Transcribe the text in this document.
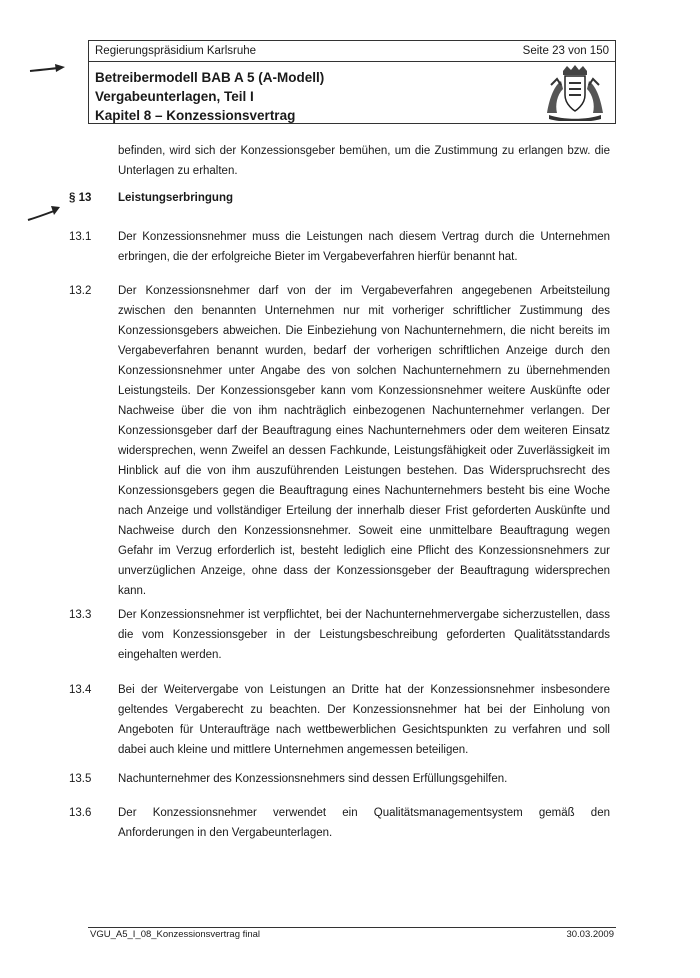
Regierungspräsidium Karlsruhe	Seite 23 von 150
Betreibermodell BAB A 5 (A-Modell)
Vergabeunterlagen, Teil I
Kapitel 8 – Konzessionsvertrag
befinden, wird sich der Konzessionsgeber bemühen, um die Zustimmung zu erlangen bzw. die Unterlagen zu erhalten.
§ 13 Leistungserbringung
13.1 Der Konzessionsnehmer muss die Leistungen nach diesem Vertrag durch die Unternehmen erbringen, die der erfolgreiche Bieter im Vergabeverfahren hierfür benannt hat.
13.2 Der Konzessionsnehmer darf von der im Vergabeverfahren angegebenen Arbeitsteilung zwischen den benannten Unternehmen nur mit vorheriger schriftlicher Zustimmung des Konzessionsgebers abweichen. Die Einbeziehung von Nachunternehmern, die nicht bereits im Vergabeverfahren benannt wurden, bedarf der vorherigen schriftlichen Anzeige durch den Konzessionsnehmer unter Angabe des von solchen Nachunternehmern zu übernehmenden Leistungsteils. Der Konzessionsgeber kann vom Konzessionsnehmer weitere Auskünfte oder Nachweise über die von ihm nachträglich einbezogenen Nachunternehmer verlangen. Der Konzessionsgeber darf der Beauftragung eines Nachunternehmers oder dem weiteren Einsatz widersprechen, wenn Zweifel an dessen Fachkunde, Leistungsfähigkeit oder Zuverlässigkeit im Hinblick auf die von ihm auszuführenden Leistungen bestehen. Das Widerspruchsrecht des Konzessionsgebers gegen die Beauftragung eines Nachunternehmers besteht bis eine Woche nach Anzeige und vollständiger Erteilung der innerhalb dieser Frist geforderten Auskünfte und Nachweise durch den Konzessionsnehmer. Soweit eine unmittelbare Beauftragung wegen Gefahr im Verzug erforderlich ist, besteht lediglich eine Pflicht des Konzessionsnehmers zur unverzüglichen Anzeige, ohne dass der Konzessionsgeber der Beauftragung widersprechen kann.
13.3 Der Konzessionsnehmer ist verpflichtet, bei der Nachunternehmervergabe sicherzustellen, dass die vom Konzessionsgeber in der Leistungsbeschreibung geforderten Qualitätsstandards eingehalten werden.
13.4 Bei der Weitervergabe von Leistungen an Dritte hat der Konzessionsnehmer insbesondere geltendes Vergaberecht zu beachten. Der Konzessionsnehmer hat bei der Einholung von Angeboten für Unteraufträge nach wettbewerblichen Gesichtspunkten zu verfahren und soll dabei auch kleine und mittlere Unternehmen angemessen beteiligen.
13.5 Nachunternehmer des Konzessionsnehmers sind dessen Erfüllungsgehilfen.
13.6 Der Konzessionsnehmer verwendet ein Qualitätsmanagementsystem gemäß den Anforderungen in den Vergabeunterlagen.
VGU_A5_I_08_Konzessionsvertrag final	30.03.2009
